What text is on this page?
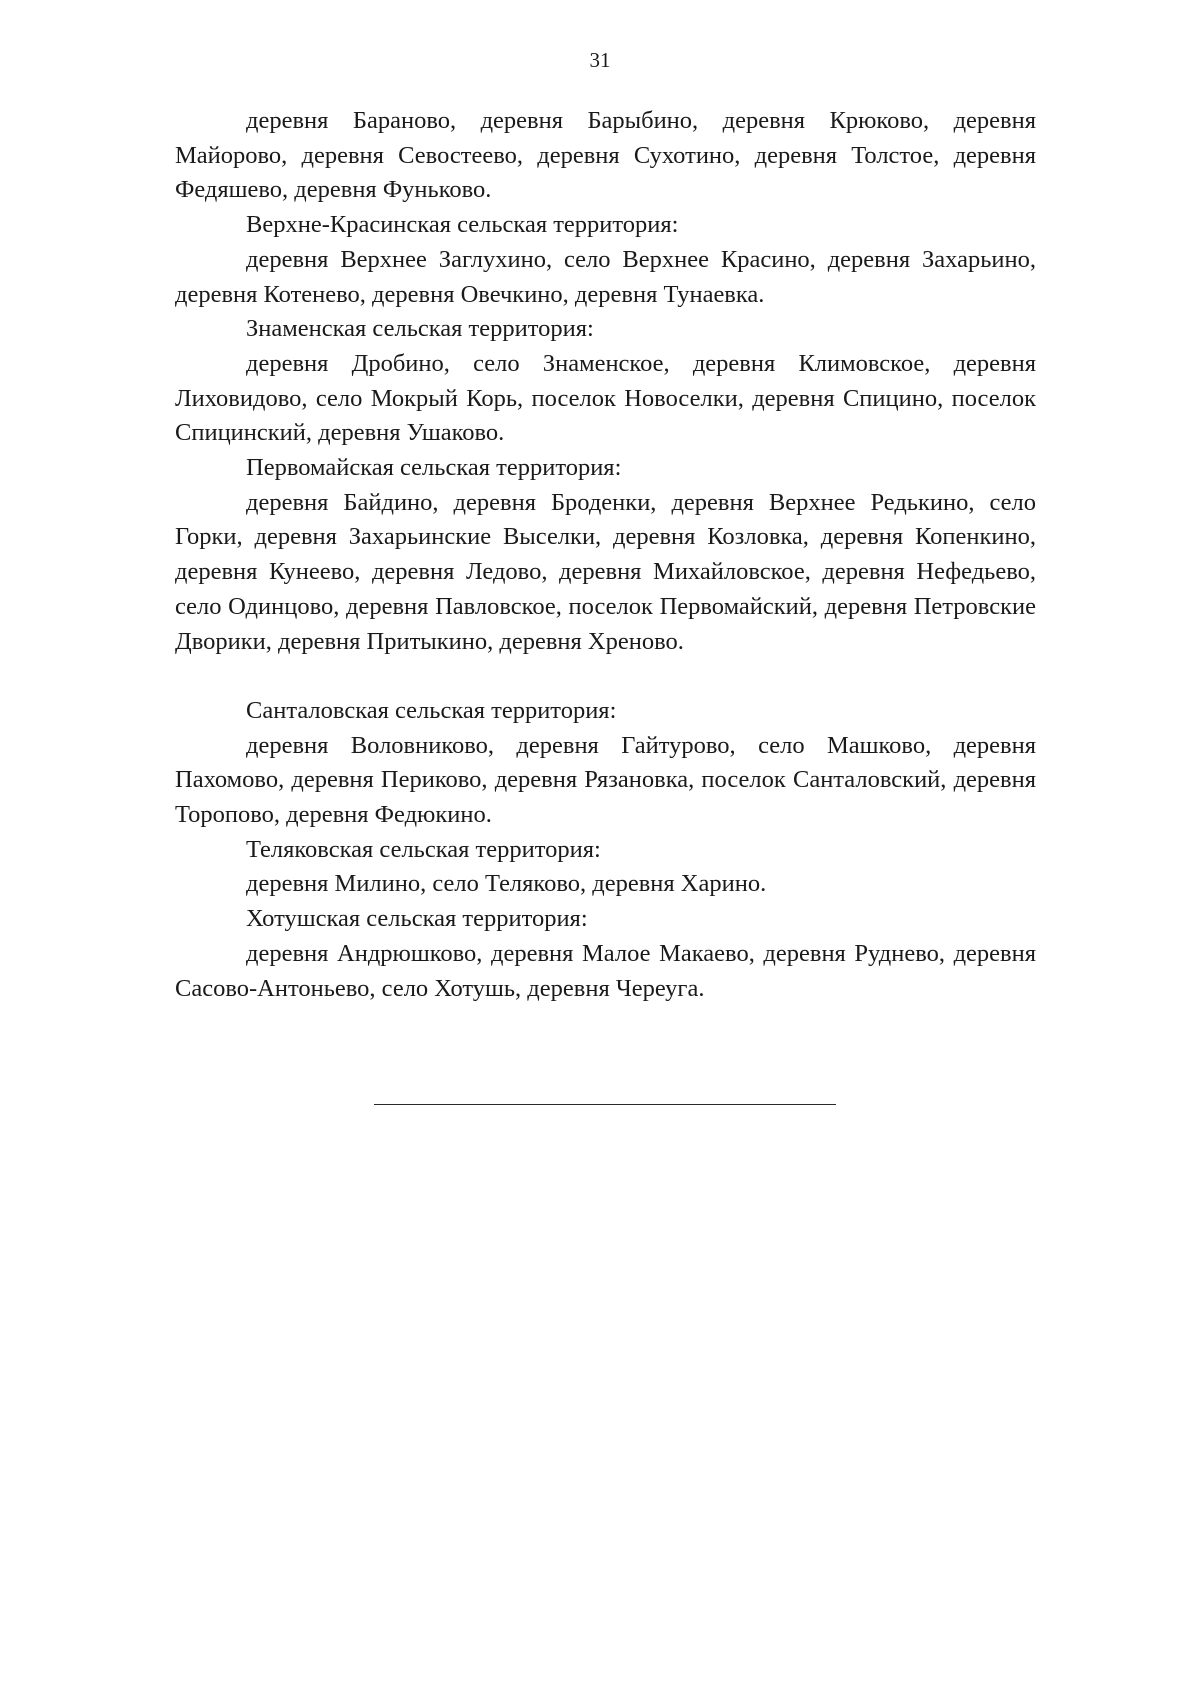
31

деревня Бараново, деревня Барыбино, деревня Крюково, деревня Майорово, деревня Севостеево, деревня Сухотино, деревня Толстое, деревня Федяшево, деревня Фуньково.

Верхне-Красинская сельская территория:

деревня Верхнее Заглухино, село Верхнее Красино, деревня Захарьино, деревня Котенево, деревня Овечкино, деревня Тунаевка.

Знаменская сельская территория:

деревня Дробино, село Знаменское, деревня Климовское, деревня Лиховидово, село Мокрый Корь, поселок Новоселки, деревня Спицино, поселок Спицинский, деревня Ушаково.

Первомайская сельская территория:

деревня Байдино, деревня Броденки, деревня Верхнее Редькино, село Горки, деревня Захарьинские Выселки, деревня Козловка, деревня Копенкино, деревня Кунеево, деревня Ледово, деревня Михайловское, деревня Нефедьево, село Одинцово, деревня Павловское, поселок Первомайский, деревня Петровские Дворики, деревня Притыкино, деревня Хреново.

Санталовская сельская территория:

деревня Воловниково, деревня Гайтурово, село Машково, деревня Пахомово, деревня Периково, деревня Рязановка, поселок Санталовский, деревня Торопово, деревня Федюкино.

Теляковская сельская территория:

деревня Милино, село Теляково, деревня Харино.

Хотушская сельская территория:

деревня Андрюшково, деревня Малое Макаево, деревня Руднево, деревня Сасово-Антоньево, село Хотушь, деревня Череуга.
